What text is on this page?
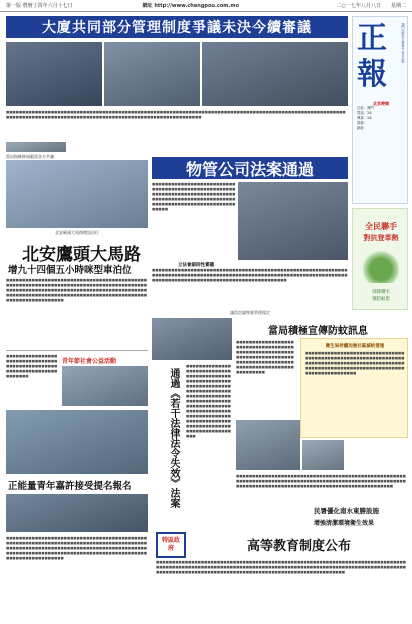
第一版 農曆丁酉年六月十七日	網址 http://www.chengpou.com.mo	二○一七年八月八日 星期二
大廈共同部分管理制度爭議未決今續審議
■■■■■■■■■■■■■■■■■■■■■■■■■■■■■■■■■■■■■■■■■■■■■■■■■■■■■■■■■■■■■■■■■■■■■■■■■■■■■■■■■■■■■■■■■■■■■■■■■■■■■■■■■■■■■■■■■■■■■■■■■■■■■■■■■■■■■■■■■■■■■■■■■■■■■■■■■■■■■■■■■■■■■■■
當局指維修規範需各方共識
正報
澳門出版社主辦發行 每日出版
北京時間
社址：澳門
電話：28
傳真：28
電郵：
網址：
北安碼頭大馬路增設泊位
北安鷹頭大馬路
增九十四個五小時咪型車泊位
■■■■■■■■■■■■■■■■■■■■■■■■■■■■■■■■■■■■■■■■■■■■■■■■■■■■■■■■■■■■■■■■■■■■■■■■■■■■■■■■■■■■■■■■■■■■■■■■■■■■■■■■■■■■■■■■■■■■■■■■■■■■■■■■■■■■■■■■■■■■■■■■■■■■■■■■■■■■■■■■■■■■■■■■■■■■■■■■■■■■■■■■■■■■■■■■■■
物管公司法案通過
■■■■■■■■■■■■■■■■■■■■■■■■■■■■■■■■■■■■■■■■■■■■■■■■■■■■■■■■■■■■■■■■■■■■■■■■■■■■■■■■■■■■■■■■■■■■■■■■■■■■■■■■■■■■■■■■■■■■■■■■■■■■■■■■■■■■■■■
立法會細則性審議
■■■■■■■■■■■■■■■■■■■■■■■■■■■■■■■■■■■■■■■■■■■■■■■■■■■■■■■■■■■■■■■■■■■■■■■■■■■■■■■■■■■■■■■■■■■■■■■■■■■■■■■■■■■■■■■■■■■■■■■■■■■■■■■■■■■■■■■■■■■■■■■■■■■■■■■■■■■■■■■■■■■■
議員討論物業管理規定
全民聯手
對抗登革熱
清除積水
預防蚊患
■■■■■■■■■■■■■■■■■■■■■■■■■■■■■■■■■■■■■■■■■■■■■■■■■■■■■■■■■■■■■■■■■■■■■■■
青年節社會公益活動
正能量青年嘉許接受提名報名
■■■■■■■■■■■■■■■■■■■■■■■■■■■■■■■■■■■■■■■■■■■■■■■■■■■■■■■■■■■■■■■■■■■■■■■■■■■■■■■■■■■■■■■■■■■■■■■■■■■■■■■■■■■■■■■■■■■■■■■■■■■■■■■■■■■■■■■■■■■■■■■■■■■■■■■■■■■■■■■■■■■■■■■■■■■■■■■■■■■■■■■■■■■■■■■■■■
通過《若干法律法令失效》法案
■■■■■■■■■■■■■■■■■■■■■■■■■■■■■■■■■■■■■■■■■■■■■■■■■■■■■■■■■■■■■■■■■■■■■■■■■■■■■■■■■■■■■■■■■■■■■■■■■■■■■■■■■■■■■■■■■■■■■■■■■■■■■■■■■■■■■■■■■■■■■■■■■■■■■■■■■■■■■■■■■■■■■■■■■■■■■■■■■■■■■■■■■■■■■■■■■■■■■■■
當局積極宣傳防蚊訊息
■■■■■■■■■■■■■■■■■■■■■■■■■■■■■■■■■■■■■■■■■■■■■■■■■■■■■■■■■■■■■■■■■■■■■■■■■■■■■■■■■■■■■■■■■■■■■■■■■■■■■■■■■■■■■■■■■■■■■
衛生局持續加強社區滅蚊措施
■■■■■■■■■■■■■■■■■■■■■■■■■■■■■■■■■■■■■■■■■■■■■■■■■■■■■■■■■■■■■■■■■■■■■■■■■■■■■■■■■■■■■■■■■■■■■■■■■■■■■■■■■■■■■■■■■■■■■■■■■■■■■■■■■■■■■■■■■■■■
■■■■■■■■■■■■■■■■■■■■■■■■■■■■■■■■■■■■■■■■■■■■■■■■■■■■■■■■■■■■■■■■■■■■■■■■■■■■■■■■■■■■■■■■■■■■■■■■■■■■■■■■■■■■■■■■■■■■■■■■■■■■■■■■■■■■■■■■■■■■■■■■■■■■■■■■■■■
民署優化南水東勝設施
增強清潔環境衛生效果
特區政府	高等教育制度公布
■■■■■■■■■■■■■■■■■■■■■■■■■■■■■■■■■■■■■■■■■■■■■■■■■■■■■■■■■■■■■■■■■■■■■■■■■■■■■■■■■■■■■■■■■■■■■■■■■■■■■■■■■■■■■■■■■■■■■■■■■■■■■■■■■■■■■■■■■■■■■■■■■■■■■■■■■■■■■■■■■■■■■■■■■■■■■■■■■■■■■■■■■■■■■■■■■■■■■■■■■■■■■■■■■■■■■■■
